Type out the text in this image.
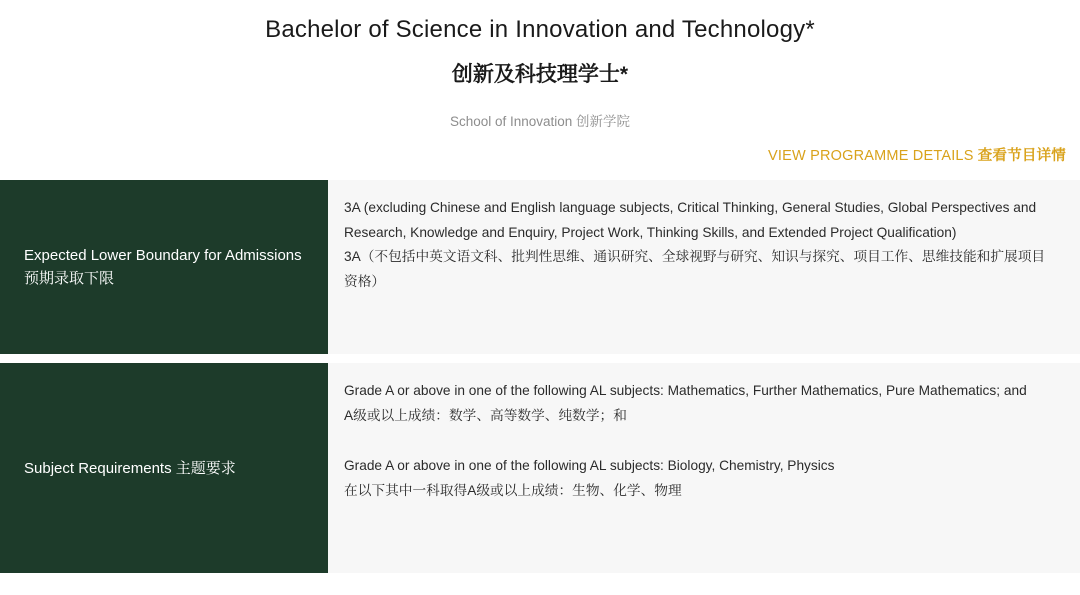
Bachelor of Science in Innovation and Technology*
创新及科技理学士*
School of Innovation 创新学院
VIEW PROGRAMME DETAILS 查看节目详情
Expected Lower Boundary for Admissions
预期录取下限

3A (excluding Chinese and English language subjects, Critical Thinking, General Studies, Global Perspectives and Research, Knowledge and Enquiry, Project Work, Thinking Skills, and Extended Project Qualification)

3A（不包括中英文语文科、批判性思维、通识研究、全球视野与研究、知识与探究、项目工作、思维技能和扩展项目资格）

Subject Requirements 主题要求

Grade A or above in one of the following AL subjects: Mathematics, Further Mathematics, Pure Mathematics; and

A级或以上成绩：数学、高等数学、纯数学；和

Grade A or above in one of the following AL subjects: Biology, Chemistry, Physics

在以下其中一科取得A级或以上成绩：生物、化学、物理
